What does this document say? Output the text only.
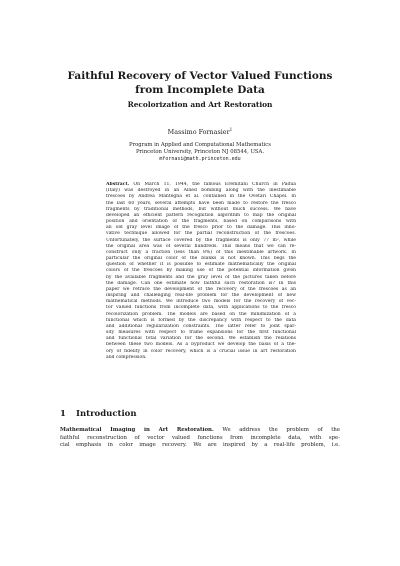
Faithful Recovery of Vector Valued Functions
from Incomplete Data
Recolorization and Art Restoration
Massimo Fornasier$^1$
Program in Applied and Computational Mathematics
Princeton University, Princeton NJ 08544, USA.
mfornasi@math.princeton.edu
Abstract. On March 11, 1944, the famous Eremitani Church in Padua
(Italy) was destroyed in an Allied bombing along with the inestimable
frescoes by Andrea Mantegna et al. contained in the Ovetari Chapel. In
the last 60 years, several attempts have been made to restore the fresco
fragments by traditional methods, but without much success. We have
developed an efficient pattern recognition algorithm to map the original
position and orientation of the fragments, based on comparisons with
an old gray level image of the fresco prior to the damage. This inno-
vative technique allowed for the partial reconstruction of the frescoes.
Unfortunately, the surface covered by the fragments is only 77 m², while
the original area was of several hundreds. This means that we can re-
construct only a fraction (less than 8%) of this inestimable artwork. In
particular the original color of the blanks is not known. This begs the
question of whether it is possible to estimate mathematically the original
colors of the frescoes by making use of the potential information given
by the available fragments and the gray level of the pictures taken before
the damage. Can one estimate how faithful such restoration is? In this
paper we retrace the development of the recovery of the frescoes as an
inspiring and challenging real-life problem for the development of new
mathematical methods. We introduce two models for the recovery of vec-
tor valued functions from incomplete data, with applications to the fresco
recolorization problem. The models are based on the minimization of a
functional which is formed by the discrepancy with respect to the data
and additional regularization constraints. The latter refer to joint spar-
sity measures with respect to frame expansions for the first functional
and functional total variation for the second. We establish the relations
between these two models. As a byproduct we develop the basis of a the-
ory of fidelity in color recovery, which is a crucial issue in art restoration
and compression.
1 Introduction
Mathematical Imaging in Art Restoration. We address the problem of the
faithful reconstruction of vector valued functions from incomplete data, with spe-
cial emphasis in color image recovery. We are inspired by a real-life problem, i.e.
